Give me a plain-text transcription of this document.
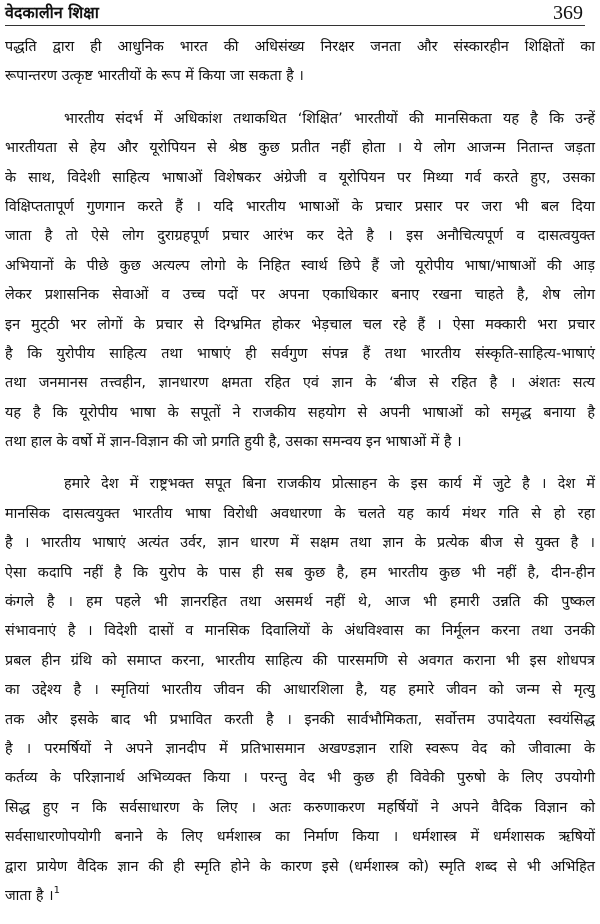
वेदकालीन शिक्षा	369
पद्धति द्वारा ही आधुनिक भारत की अधिसंख्य निरक्षर जनता और संस्कारहीन शिक्षितों का
रूपान्तरण उत्कृष्ट भारतीयों के रूप में किया जा सकता है ।
भारतीय संदर्भ में अधिकांश तथाकथित ‘शिक्षित’ भारतीयों की मानसिकता यह है कि उन्हें
भारतीयता से हेय और यूरोपियन से श्रेष्ठ कुछ प्रतीत नहीं होता । ये लोग आजन्म नितान्त जड़ता
के साथ, विदेशी साहित्य भाषाओं विशेषकर अंग्रेजी व यूरोपियन पर मिथ्या गर्व करते हुए, उसका
विक्षिप्ततापूर्ण गुणगान करते हैं । यदि भारतीय भाषाओं के प्रचार प्रसार पर जरा भी बल दिया
जाता है तो ऐसे लोग दुराग्रहपूर्ण प्रचार आरंभ कर देते है । इस अनौचित्यपूर्ण व दासत्वयुक्त
अभियानों के पीछे कुछ अत्यल्प लोगो के निहित स्वार्थ छिपे हैं जो यूरोपीय भाषा/भाषाओं की आड़
लेकर प्रशासनिक सेवाओं व उच्च पदों पर अपना एकाधिकार बनाए रखना चाहते है, शेष लोग
इन मुट्‌ठी भर लोगों के प्रचार से दिग्भ्रमित होकर भेड़चाल चल रहे हैं । ऐसा मक्कारी भरा प्रचार
है कि युरोपीय साहित्य तथा भाषाएं ही सर्वगुण संपन्न हैं तथा भारतीय संस्कृति-साहित्य-भाषाएं
तथा जनमानस तत्त्वहीन, ज्ञानधारण क्षमता रहित एवं ज्ञान के ‘बीज से रहित है । अंशतः सत्य
यह है कि यूरोपीय भाषा के सपूतों ने राजकीय सहयोग से अपनी भाषाओं को समृद्ध बनाया है
तथा हाल के वर्षो में ज्ञान-विज्ञान की जो प्रगति हुयी है, उसका समन्वय इन भाषाओं में है ।
हमारे देश में राष्ट्रभक्त सपूत बिना राजकीय प्रोत्साहन के इस कार्य में जुटे है । देश में
मानसिक दासत्वयुक्त भारतीय भाषा विरोधी अवधारणा के चलते यह कार्य मंथर गति से हो रहा
है । भारतीय भाषाएं अत्यंत उर्वर, ज्ञान धारण में सक्षम तथा ज्ञान के प्रत्येक बीज से युक्त है ।
ऐसा कदापि नहीं है कि युरोप के पास ही सब कुछ है, हम भारतीय कुछ भी नहीं है, दीन-हीन
कंगले है । हम पहले भी ज्ञानरहित तथा असमर्थ नहीं थे, आज भी हमारी उन्नति की पुष्कल
संभावनाएं है । विदेशी दासों व मानसिक दिवालियों के अंधविश्वास का निर्मूलन करना तथा उनकी
प्रबल हीन ग्रंथि को समाप्त करना, भारतीय साहित्य की पारसमणि से अवगत कराना भी इस शोधपत्र
का उद्देश्य है । स्मृतियां भारतीय जीवन की आधारशिला है, यह हमारे जीवन को जन्म से मृत्यु
तक और इसके बाद भी प्रभावित करती है । इनकी सार्वभौमिकता, सर्वोत्तम उपादेयता स्वयंसिद्ध
है । परमर्षियों ने अपने ज्ञानदीप में प्रतिभासमान अखण्डज्ञान राशि स्वरूप वेद को जीवात्मा के
कर्तव्य के परिज्ञानार्थ अभिव्यक्त किया । परन्तु वेद भी कुछ ही विवेकी पुरुषो के लिए उपयोगी
सिद्ध हुए न कि सर्वसाधारण के लिए । अतः करुणाकरण महर्षियों ने अपने वैदिक विज्ञान को
सर्वसाधारणोपयोगी बनाने के लिए धर्मशास्त्र का निर्माण किया । धर्मशास्त्र में धर्मशासक ऋषियों
द्वारा प्रायेण वैदिक ज्ञान की ही स्मृति होने के कारण इसे (धर्मशास्त्र को) स्मृति शब्द से भी अभिहित
जाता है ।$^1$
